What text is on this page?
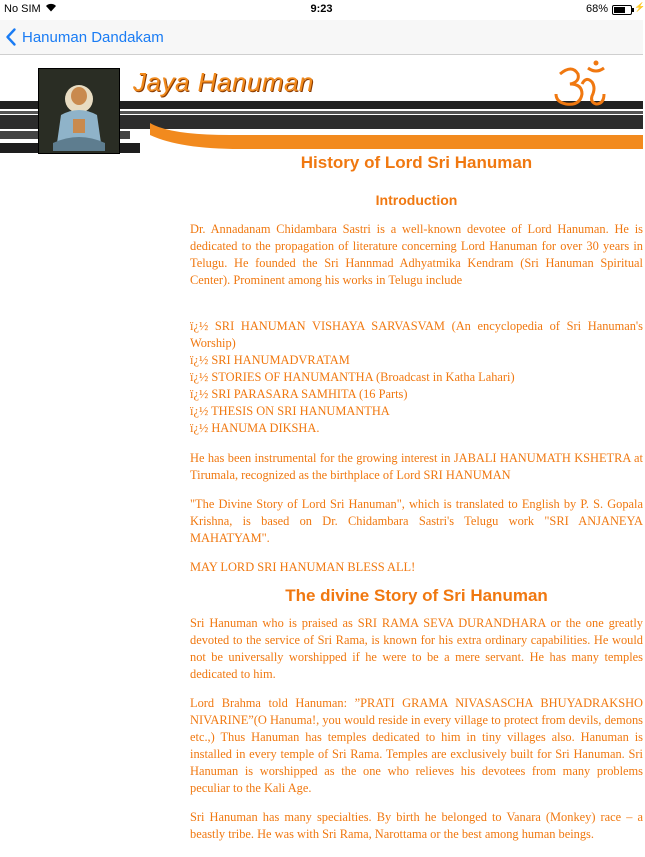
No SIM	9:23	68%	⚡
Hanuman Dandakam
Jaya Hanuman
History of Lord Sri Hanuman
Introduction

Dr. Annadanam Chidambara Sastri is a well-known devotee of Lord Hanuman. He is dedicated to the propagation of literature concerning Lord Hanuman for over 30 years in Telugu. He founded the Sri Hannmad Adhyatmika Kendram (Sri Hanuman Spiritual Center). Prominent among his works in Telugu include

ï¿½ SRI HANUMAN VISHAYA SARVASVAM (An encyclopedia of Sri Hanuman's Worship)
ï¿½ SRI HANUMADVRATAM
ï¿½ STORIES OF HANUMANTHA (Broadcast in Katha Lahari)
ï¿½ SRI PARASARA SAMHITA (16 Parts)
ï¿½ THESIS ON SRI HANUMANTHA
ï¿½ HANUMA DIKSHA.

He has been instrumental for the growing interest in JABALI HANUMATH KSHETRA at Tirumala, recognized as the birthplace of Lord SRI HANUMAN

"The Divine Story of Lord Sri Hanuman", which is translated to English by P. S. Gopala Krishna, is based on Dr. Chidambara Sastri's Telugu work "SRI ANJANEYA MAHATYAM".

MAY LORD SRI HANUMAN BLESS ALL!

The divine Story of Sri Hanuman

Sri Hanuman who is praised as SRI RAMA SEVA DURANDHARA or the one greatly devoted to the service of Sri Rama, is known for his extra ordinary capabilities. He would not be universally worshipped if he were to be a mere servant. He has many temples dedicated to him.

Lord Brahma told Hanuman: ”PRATI GRAMA NIVASASCHA BHUYADRAKSHO NIVARINE”(O Hanuma!, you would reside in every village to protect from devils, demons etc.,) Thus Hanuman has temples dedicated to him in tiny villages also. Hanuman is installed in every temple of Sri Rama. Temples are exclusively built for Sri Hanuman. Sri Hanuman is worshipped as the one who relieves his devotees from many problems peculiar to the Kali Age.

Sri Hanuman has many specialties. By birth he belonged to Vanara (Monkey) race – a beastly tribe. He was with Sri Rama, Narottama or the best among human beings.
